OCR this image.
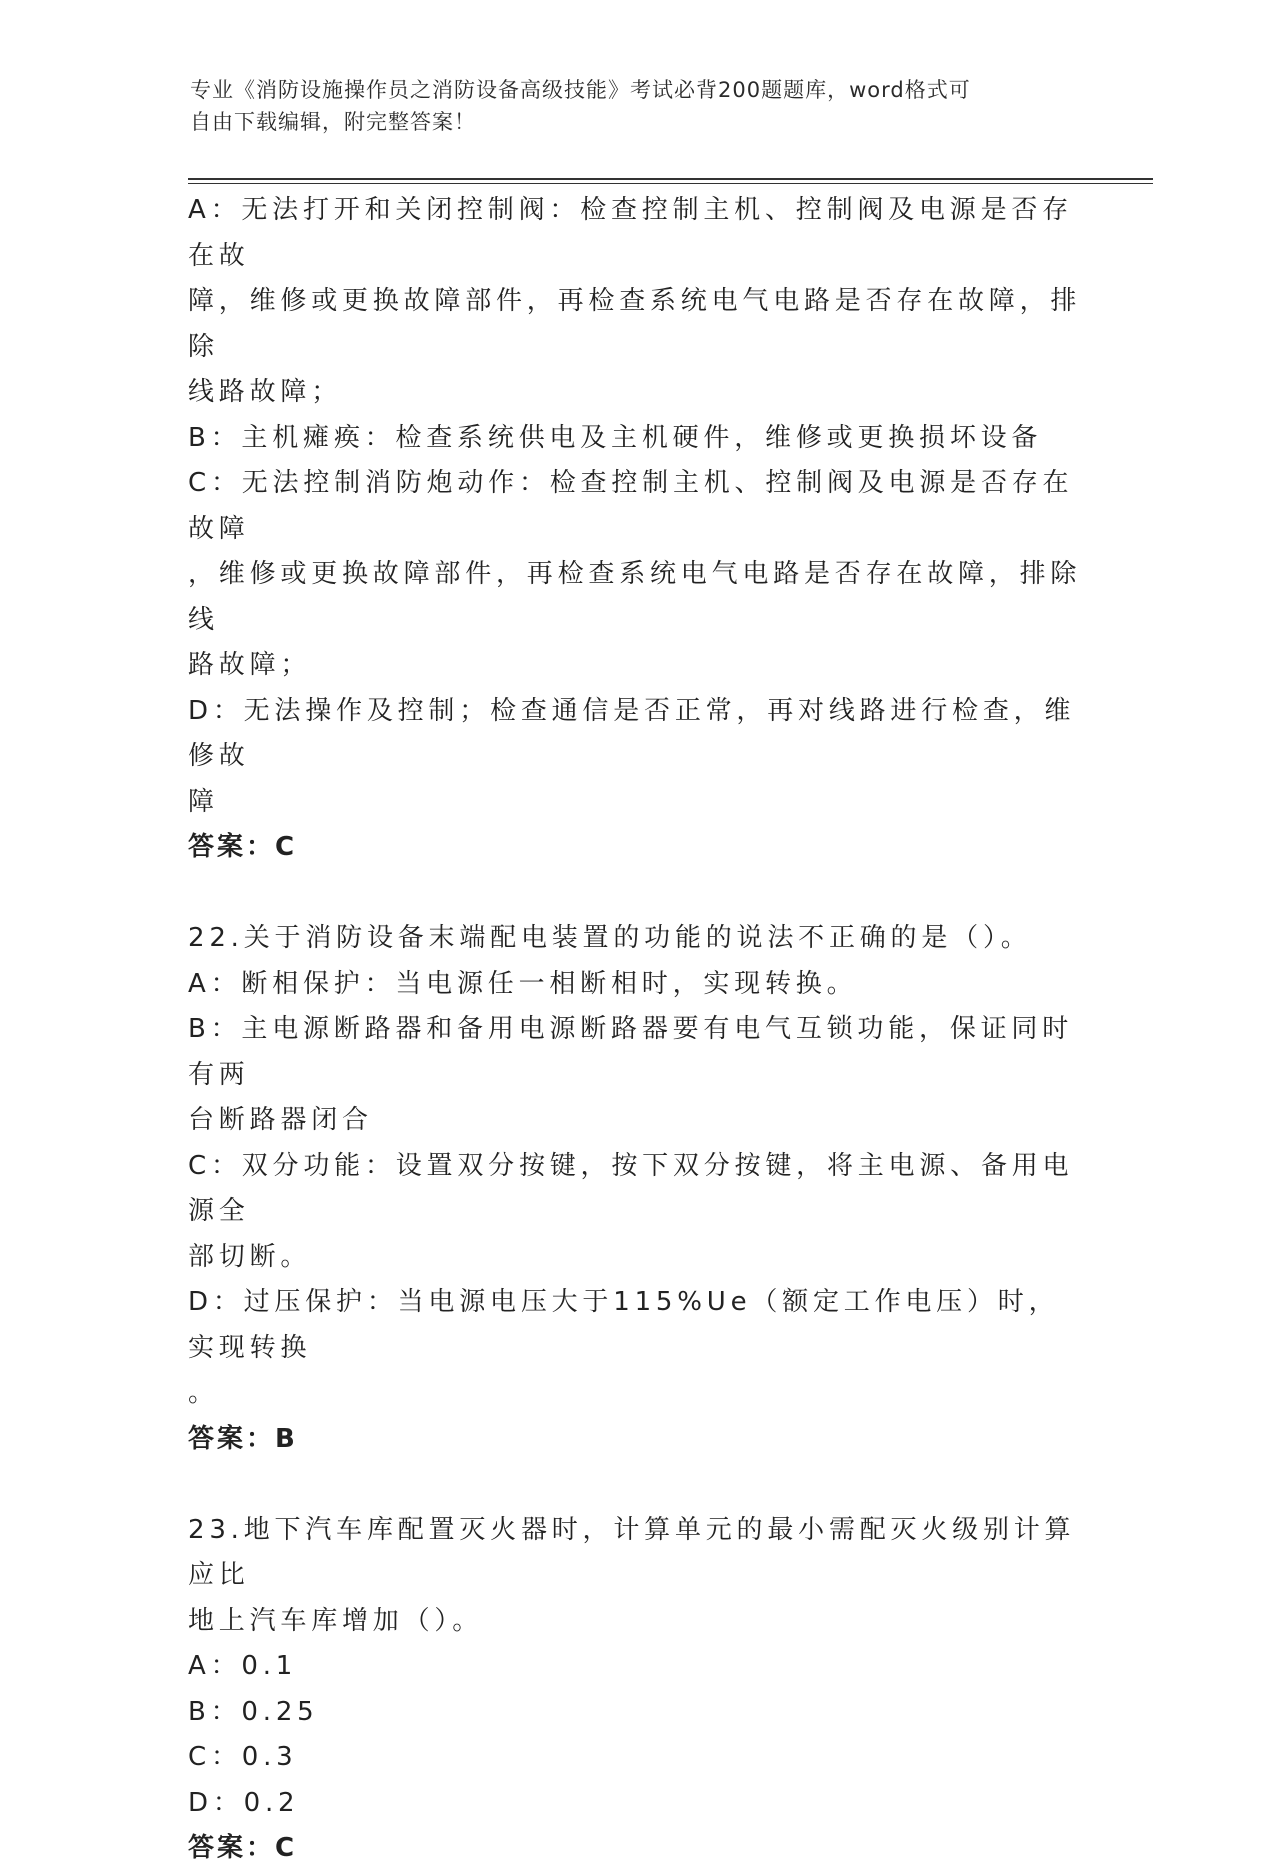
专业《消防设施操作员之消防设备高级技能》考试必背200题题库，word格式可
自由下载编辑，附完整答案！

A：无法打开和关闭控制阀：检查控制主机、控制阀及电源是否存在故

障，维修或更换故障部件，再检查系统电气电路是否存在故障，排除

线路故障；

B：主机瘫痪：检查系统供电及主机硬件，维修或更换损坏设备

C：无法控制消防炮动作：检查控制主机、控制阀及电源是否存在故障

，维修或更换故障部件，再检查系统电气电路是否存在故障，排除线

路故障；

D：无法操作及控制；检查通信是否正常，再对线路进行检查，维修故

障

答案：C

22.关于消防设备末端配电装置的功能的说法不正确的是（）。

A：断相保护：当电源任一相断相时，实现转换。

B：主电源断路器和备用电源断路器要有电气互锁功能，保证同时有两

台断路器闭合

C：双分功能：设置双分按键，按下双分按键，将主电源、备用电源全

部切断。

D：过压保护：当电源电压大于115%Ue（额定工作电压）时，实现转换

。

答案：B

23.地下汽车库配置灭火器时，计算单元的最小需配灭火级别计算应比

地上汽车库增加（）。

A：0.1

B：0.25

C：0.3

D：0.2

答案：C
